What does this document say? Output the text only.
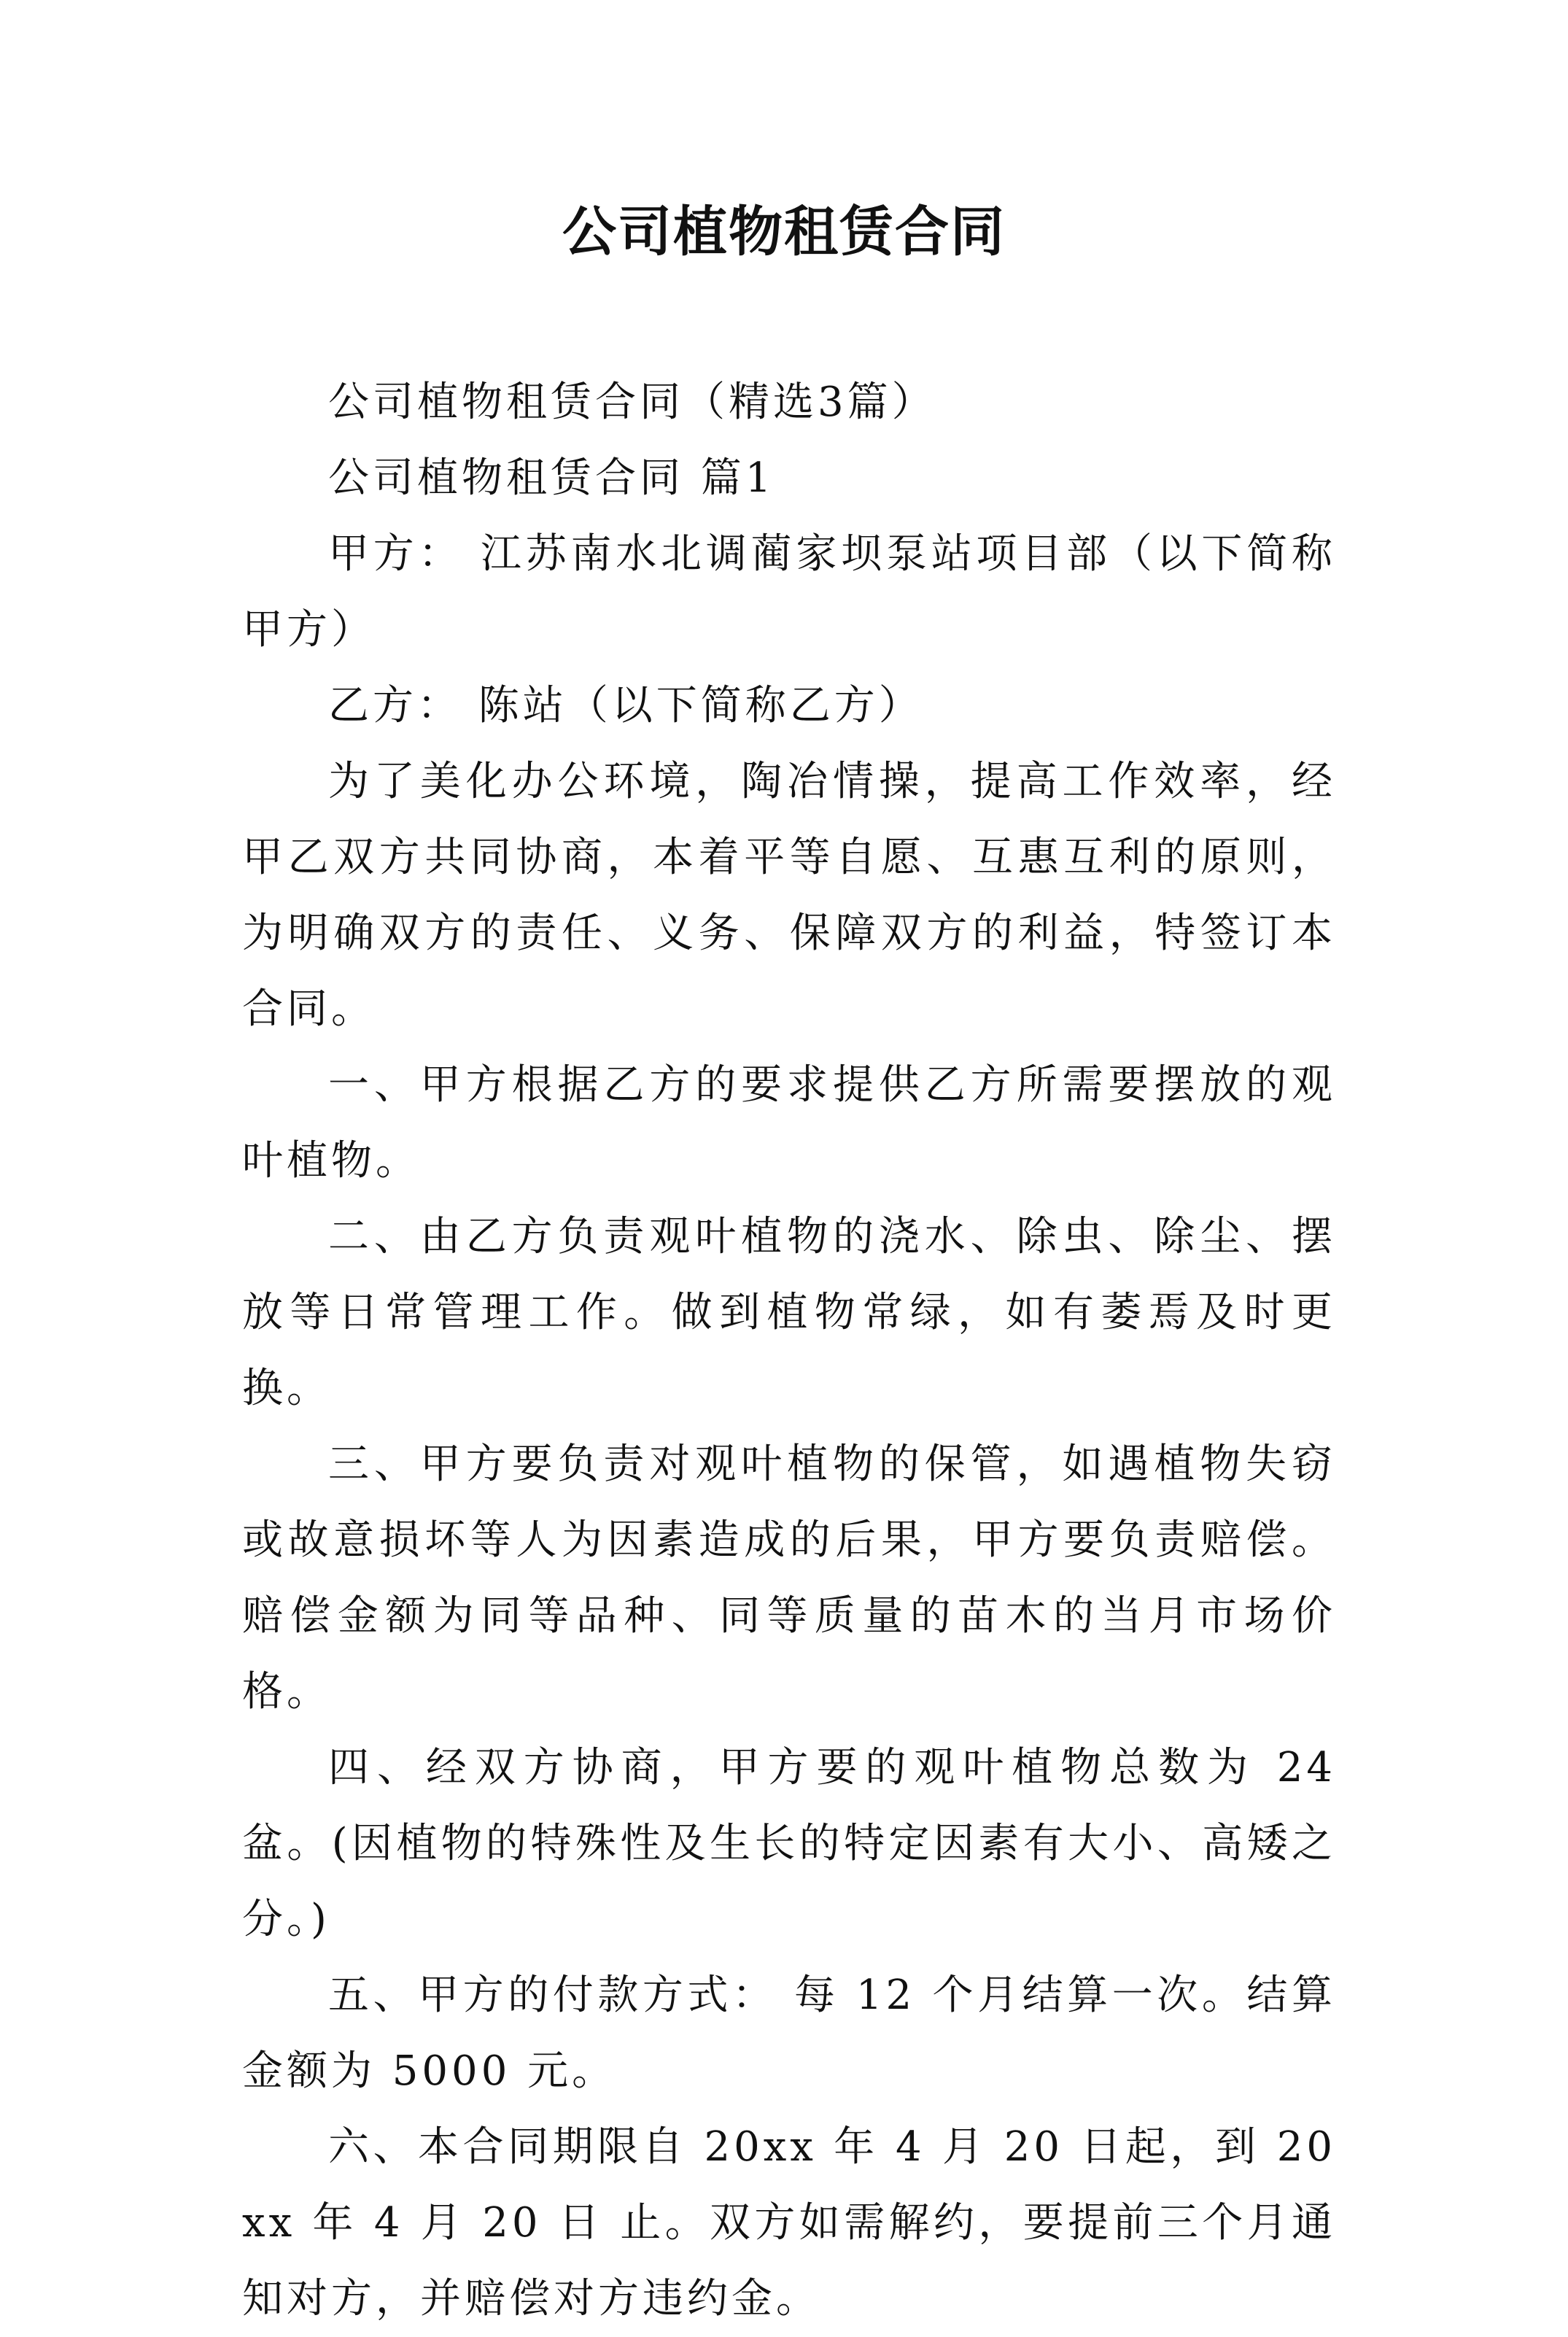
公司植物租赁合同

公司植物租赁合同（精选3篇）

公司植物租赁合同 篇1

甲方： 江苏南水北调蔺家坝泵站项目部（以下简称甲方）

乙方： 陈站（以下简称乙方）

为了美化办公环境，陶冶情操，提高工作效率，经甲乙双方共同协商，本着平等自愿、互惠互利的原则，为明确双方的责任、义务、保障双方的利益，特签订本合同。

一、甲方根据乙方的要求提供乙方所需要摆放的观叶植物。

二、由乙方负责观叶植物的浇水、除虫、除尘、摆放等日常管理工作。做到植物常绿，如有萎焉及时更换。

三、甲方要负责对观叶植物的保管，如遇植物失窃或故意损坏等人为因素造成的后果，甲方要负责赔偿。赔偿金额为同等品种、同等质量的苗木的当月市场价格。

四、经双方协商，甲方要的观叶植物总数为 24 盆。(因植物的特殊性及生长的特定因素有大小、高矮之分。)

五、甲方的付款方式： 每 12 个月结算一次。结算金额为 5000 元。

六、本合同期限自 20xx 年 4 月 20 日起，到 20xx 年 4 月 20 日 止。双方如需解约，要提前三个月通知对方，并赔偿对方违约金。
